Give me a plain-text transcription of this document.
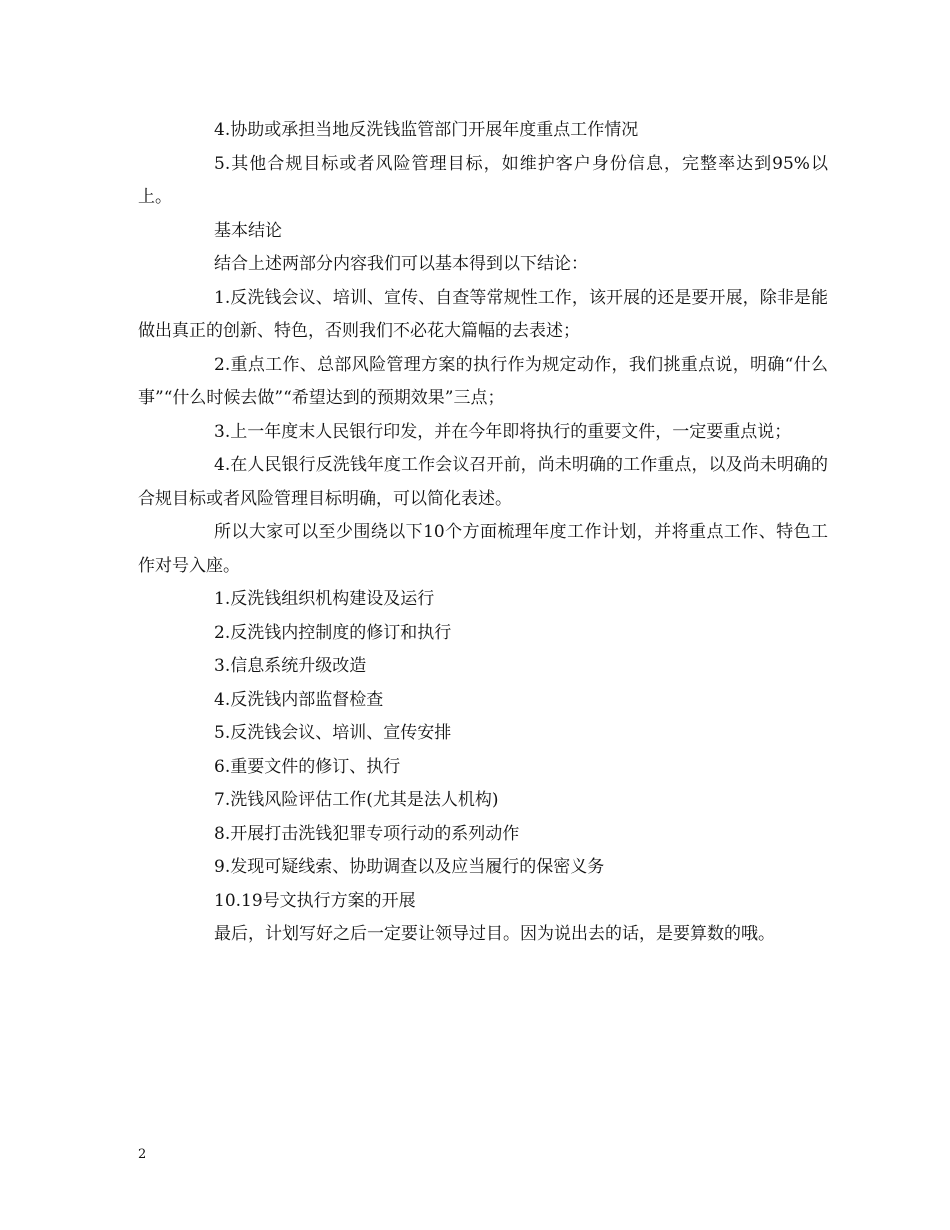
4.协助或承担当地反洗钱监管部门开展年度重点工作情况

5.其他合规目标或者风险管理目标，如维护客户身份信息，完整率达到95%以上。

基本结论

结合上述两部分内容我们可以基本得到以下结论：

1.反洗钱会议、培训、宣传、自查等常规性工作，该开展的还是要开展，除非是能做出真正的创新、特色，否则我们不必花大篇幅的去表述；

2.重点工作、总部风险管理方案的执行作为规定动作，我们挑重点说，明确“什么事”“什么时候去做”“希望达到的预期效果”三点；

3.上一年度末人民银行印发，并在今年即将执行的重要文件，一定要重点说；

4.在人民银行反洗钱年度工作会议召开前，尚未明确的工作重点，以及尚未明确的合规目标或者风险管理目标明确，可以简化表述。

所以大家可以至少围绕以下10个方面梳理年度工作计划，并将重点工作、特色工作对号入座。

1.反洗钱组织机构建设及运行

2.反洗钱内控制度的修订和执行

3.信息系统升级改造

4.反洗钱内部监督检查

5.反洗钱会议、培训、宣传安排

6.重要文件的修订、执行

7.洗钱风险评估工作(尤其是法人机构)

8.开展打击洗钱犯罪专项行动的系列动作

9.发现可疑线索、协助调查以及应当履行的保密义务

10.19号文执行方案的开展

最后，计划写好之后一定要让领导过目。因为说出去的话，是要算数的哦。

2
